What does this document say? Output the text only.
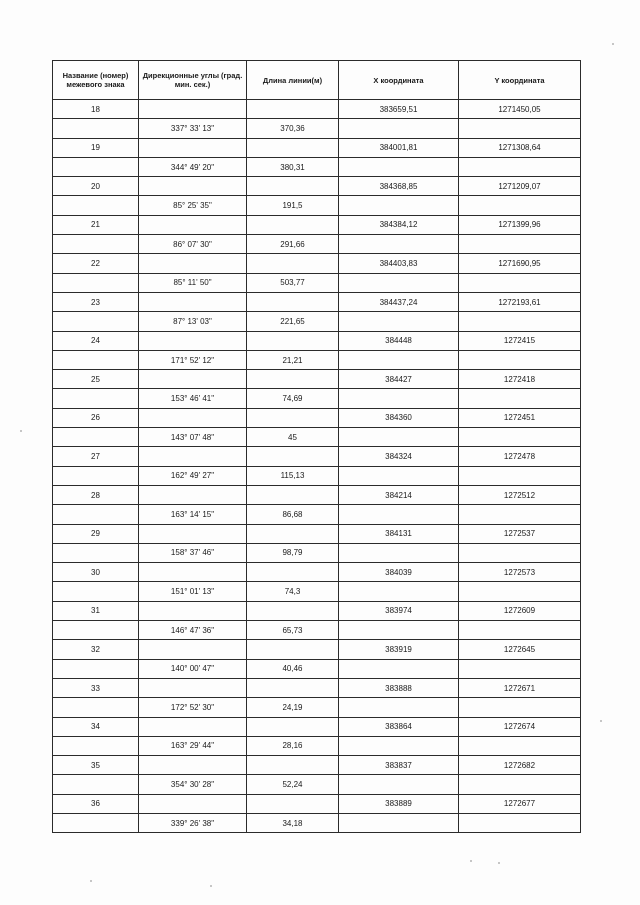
Название (номер) межевого знака	Дирекционные углы (град. мин. сек.)	Длина линии(м)	X координата	Y координата
18			383659,51	1271450,05
	337° 33' 13"	370,36		
19			384001,81	1271308,64
	344° 49' 20"	380,31		
20			384368,85	1271209,07
	85° 25' 35"	191,5		
21			384384,12	1271399,96
	86° 07' 30"	291,66		
22			384403,83	1271690,95
	85° 11' 50"	503,77		
23			384437,24	1272193,61
	87° 13' 03"	221,65		
24			384448	1272415
	171° 52' 12"	21,21		
25			384427	1272418
	153° 46' 41"	74,69		
26			384360	1272451
	143° 07' 48"	45		
27			384324	1272478
	162° 49' 27"	115,13		
28			384214	1272512
	163° 14' 15"	86,68		
29			384131	1272537
	158° 37' 46"	98,79		
30			384039	1272573
	151° 01' 13"	74,3		
31			383974	1272609
	146° 47' 36"	65,73		
32			383919	1272645
	140° 00' 47"	40,46		
33			383888	1272671
	172° 52' 30"	24,19		
34			383864	1272674
	163° 29' 44"	28,16		
35			383837	1272682
	354° 30' 28"	52,24		
36			383889	1272677
	339° 26' 38"	34,18		
